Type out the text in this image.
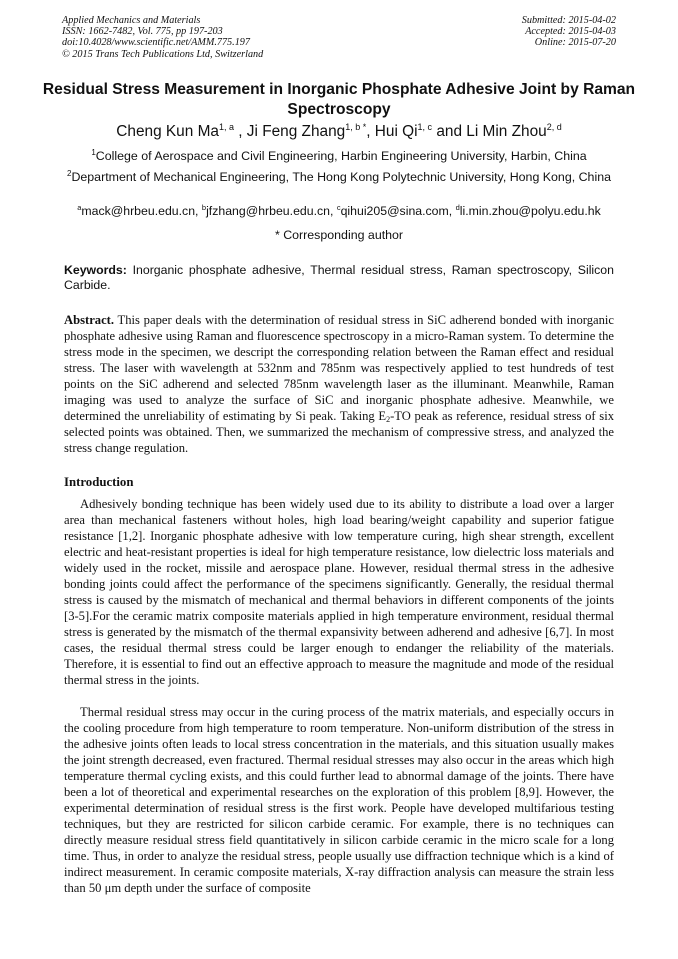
Applied Mechanics and Materials
ISSN: 1662-7482, Vol. 775, pp 197-203
doi:10.4028/www.scientific.net/AMM.775.197
© 2015 Trans Tech Publications Ltd, Switzerland
Submitted: 2015-04-02
Accepted: 2015-04-03
Online: 2015-07-20
Residual Stress Measurement in Inorganic Phosphate Adhesive Joint by Raman Spectroscopy
Cheng Kun Ma$^{1, a}$ , Ji Feng Zhang$^{1, b *}$, Hui Qi$^{1, c}$ and Li Min Zhou$^{2, d}$
$^1$College of Aerospace and Civil Engineering, Harbin Engineering University, Harbin, China
$^2$Department of Mechanical Engineering, The Hong Kong Polytechnic University, Hong Kong, China
$^a$mack@hrbeu.edu.cn, $^b$jfzhang@hrbeu.edu.cn, $^c$qihui205@sina.com, $^d$li.min.zhou@polyu.edu.hk
* Corresponding author
Keywords: Inorganic phosphate adhesive, Thermal residual stress, Raman spectroscopy, Silicon Carbide.
Abstract. This paper deals with the determination of residual stress in SiC adherend bonded with inorganic phosphate adhesive using Raman and fluorescence spectroscopy in a micro-Raman system. To determine the stress mode in the specimen, we descript the corresponding relation between the Raman effect and residual stress. The laser with wavelength at 532nm and 785nm was respectively applied to test hundreds of test points on the SiC adherend and selected 785nm wavelength laser as the illuminant. Meanwhile, Raman imaging was used to analyze the surface of SiC and inorganic phosphate adhesive. Meanwhile, we determined the unreliability of estimating by Si peak. Taking $E_2-TO$ peak as reference, residual stress of six selected points was obtained. Then, we summarized the mechanism of compressive stress, and analyzed the stress change regulation.
Introduction
Adhesively bonding technique has been widely used due to its ability to distribute a load over a larger area than mechanical fasteners without holes, high load bearing/weight capability and superior fatigue resistance [1,2]. Inorganic phosphate adhesive with low temperature curing, high shear strength, excellent electric and heat-resistant properties is ideal for high temperature resistance, low dielectric loss materials and widely used in the rocket, missile and aerospace plane. However, residual thermal stress in the adhesive bonding joints could affect the performance of the specimens significantly. Generally, the residual thermal stress is caused by the mismatch of mechanical and thermal behaviors in different components of the joints [3-5].For the ceramic matrix composite materials applied in high temperature environment, residual thermal stress is generated by the mismatch of the thermal expansivity between adherend and adhesive [6,7]. In most cases, the residual thermal stress could be larger enough to endanger the reliability of the materials. Therefore, it is essential to find out an effective approach to measure the magnitude and mode of the residual thermal stress in the joints.
Thermal residual stress may occur in the curing process of the matrix materials, and especially occurs in the cooling procedure from high temperature to room temperature. Non-uniform distribution of the stress in the adhesive joints often leads to local stress concentration in the materials, and this situation usually makes the joint strength decreased, even fractured. Thermal residual stresses may also occur in the areas which high temperature thermal cycling exists, and this could further lead to abnormal damage of the joints. There have been a lot of theoretical and experimental researches on the exploration of this problem [8,9]. However, the experimental determination of residual stress is the first work. People have developed multifarious testing techniques, but they are restricted for silicon carbide ceramic. For example, there is no techniques can directly measure residual stress field quantitatively in silicon carbide ceramic in the micro scale for a long time. Thus, in order to analyze the residual stress, people usually use diffraction technique which is a kind of indirect measurement. In ceramic composite materials, X-ray diffraction analysis can measure the strain less than 50 μm depth under the surface of composite
